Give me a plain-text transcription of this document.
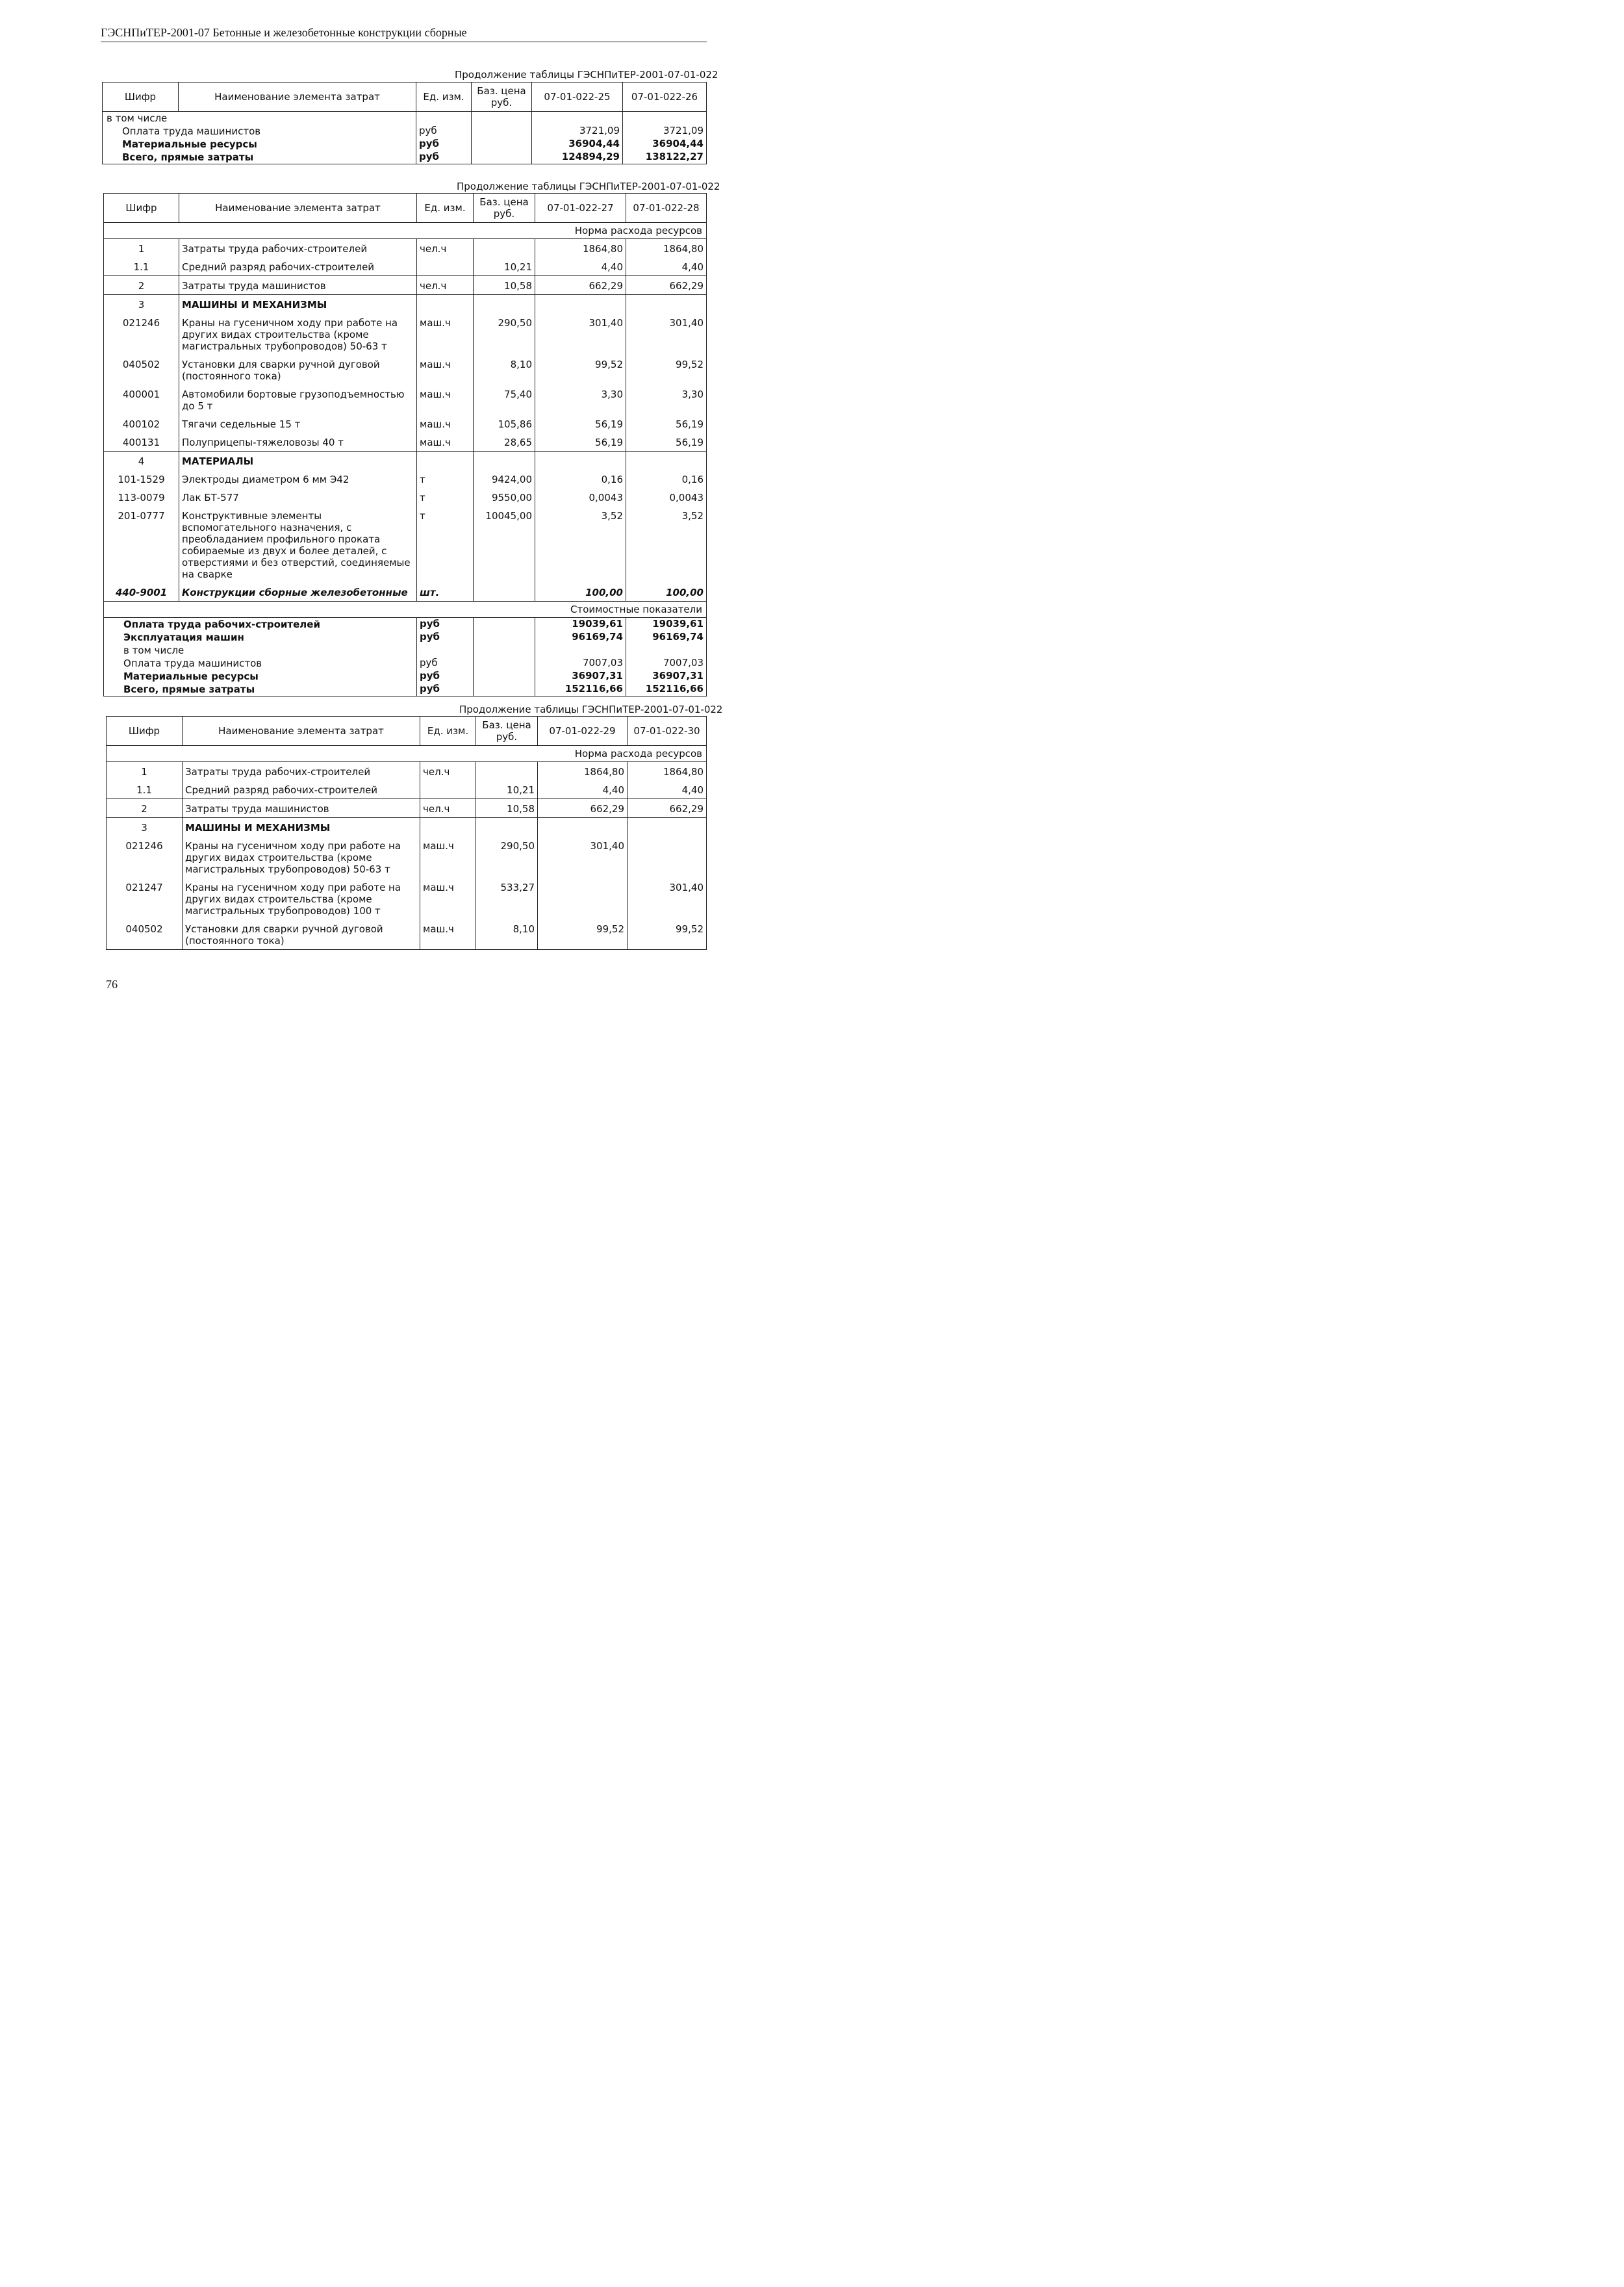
ГЭСНПиТЕР-2001-07 Бетонные и железобетонные конструкции сборные
Продолжение таблицы ГЭСНПиТЕР-2001-07-01-022
Шифр	Наименование элемента затрат	Ед. изм.	Баз. цена руб.	07-01-022-25	07-01-022-26
в том числе					
Оплата труда машинистов		руб		3721,09	3721,09
Материальные ресурсы		руб		36904,44	36904,44
Всего, прямые затраты		руб		124894,29	138122,27
Продолжение таблицы ГЭСНПиТЕР-2001-07-01-022
Шифр	Наименование элемента затрат	Ед. изм.	Баз. цена руб.	07-01-022-27	07-01-022-28
Норма расхода ресурсов					
1	Затраты труда рабочих-строителей	чел.ч		1864,80	1864,80
1.1	Средний разряд рабочих-строителей		10,21	4,40	4,40
2	Затраты труда машинистов	чел.ч	10,58	662,29	662,29
3	МАШИНЫ И МЕХАНИЗМЫ				
021246	Краны на гусеничном ходу при работе на других видах строительства (кроме магистральных трубопроводов) 50-63 т	маш.ч	290,50	301,40	301,40
040502	Установки для сварки ручной дуговой (постоянного тока)	маш.ч	8,10	99,52	99,52
400001	Автомобили бортовые грузоподъемностью до 5 т	маш.ч	75,40	3,30	3,30
400102	Тягачи седельные 15 т	маш.ч	105,86	56,19	56,19
400131	Полуприцепы-тяжеловозы 40 т	маш.ч	28,65	56,19	56,19
4	МАТЕРИАЛЫ				
101-1529	Электроды диаметром 6 мм Э42	т	9424,00	0,16	0,16
113-0079	Лак БТ-577	т	9550,00	0,0043	0,0043
201-0777	Конструктивные элементы вспомогательного назначения, с преобладанием профильного проката собираемые из двух и более деталей, с отверстиями и без отверстий, соединяемые на сварке	т	10045,00	3,52	3,52
440-9001	Конструкции сборные железобетонные	шт.		100,00	100,00
Стоимостные показатели					
Оплата труда рабочих-строителей		руб		19039,61	19039,61
Эксплуатация машин		руб		96169,74	96169,74
в том числе					
Оплата труда машинистов		руб		7007,03	7007,03
Материальные ресурсы		руб		36907,31	36907,31
Всего, прямые затраты		руб		152116,66	152116,66
Продолжение таблицы ГЭСНПиТЕР-2001-07-01-022
Шифр	Наименование элемента затрат	Ед. изм.	Баз. цена руб.	07-01-022-29	07-01-022-30
Норма расхода ресурсов					
1	Затраты труда рабочих-строителей	чел.ч		1864,80	1864,80
1.1	Средний разряд рабочих-строителей		10,21	4,40	4,40
2	Затраты труда машинистов	чел.ч	10,58	662,29	662,29
3	МАШИНЫ И МЕХАНИЗМЫ				
021246	Краны на гусеничном ходу при работе на других видах строительства (кроме магистральных трубопроводов) 50-63 т	маш.ч	290,50	301,40	
021247	Краны на гусеничном ходу при работе на других видах строительства (кроме магистральных трубопроводов) 100 т	маш.ч	533,27		301,40
040502	Установки для сварки ручной дуговой (постоянного тока)	маш.ч	8,10	99,52	99,52
76
